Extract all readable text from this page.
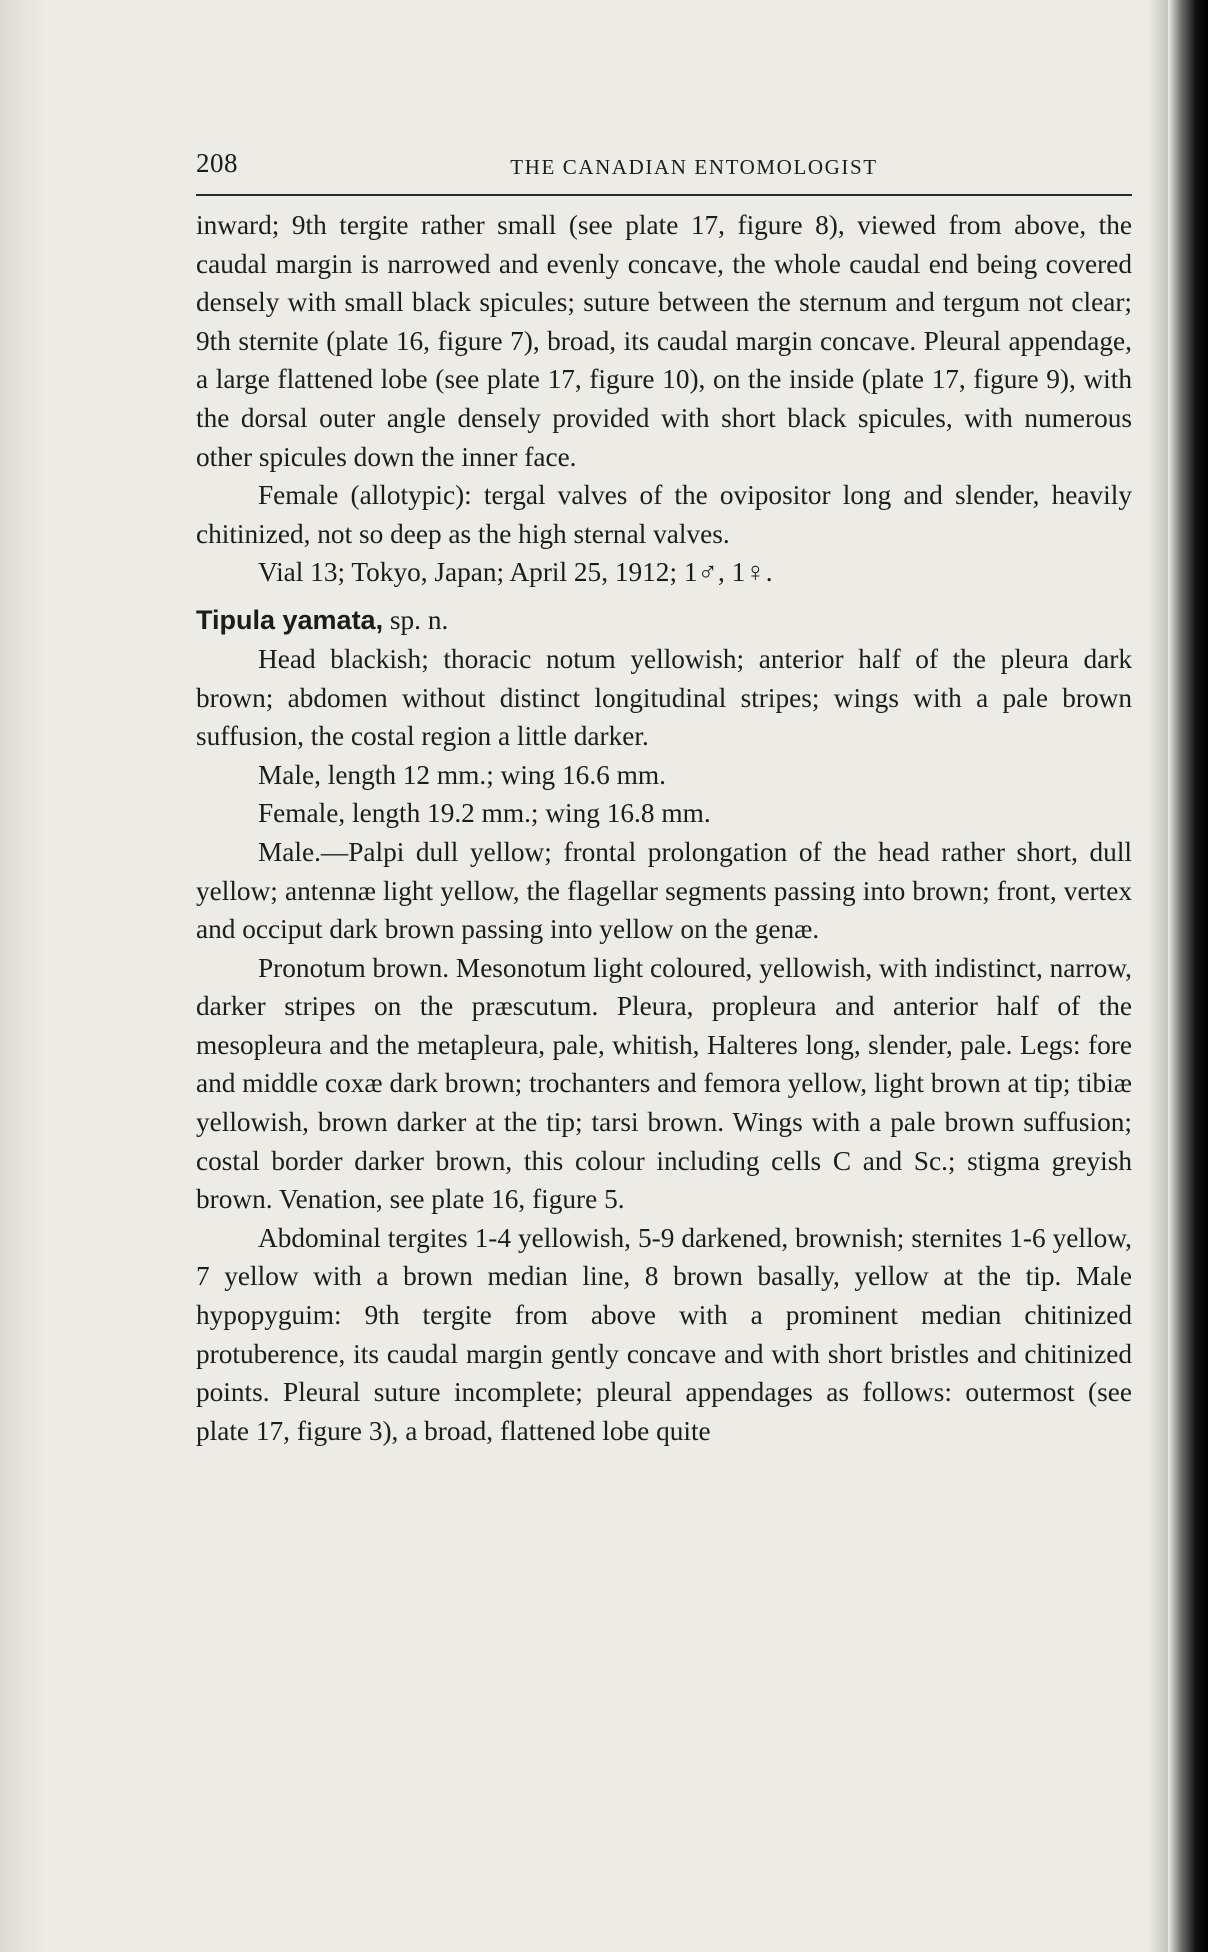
208	THE CANADIAN ENTOMOLOGIST

inward; 9th tergite rather small (see plate 17, figure 8), viewed from above, the caudal margin is narrowed and evenly concave, the whole caudal end being covered densely with small black spicules; suture between the sternum and tergum not clear; 9th sternite (plate 16, figure 7), broad, its caudal margin concave. Pleural appendage, a large flattened lobe (see plate 17, figure 10), on the inside (plate 17, figure 9), with the dorsal outer angle densely provided with short black spicules, with numerous other spicules down the inner face.

Female (allotypic): tergal valves of the ovipositor long and slender, heavily chitinized, not so deep as the high sternal valves.

Vial 13; Tokyo, Japan; April 25, 1912; 1♂, 1♀.

Tipula yamata, sp. n.

Head blackish; thoracic notum yellowish; anterior half of the pleura dark brown; abdomen without distinct longitudinal stripes; wings with a pale brown suffusion, the costal region a little darker.

Male, length 12 mm.; wing 16.6 mm.

Female, length 19.2 mm.; wing 16.8 mm.

Male.—Palpi dull yellow; frontal prolongation of the head rather short, dull yellow; antennæ light yellow, the flagellar segments passing into brown; front, vertex and occiput dark brown passing into yellow on the genæ.

Pronotum brown. Mesonotum light coloured, yellowish, with indistinct, narrow, darker stripes on the præscutum. Pleura, propleura and anterior half of the mesopleura and the metapleura, pale, whitish, Halteres long, slender, pale. Legs: fore and middle coxæ dark brown; trochanters and femora yellow, light brown at tip; tibiæ yellowish, brown darker at the tip; tarsi brown. Wings with a pale brown suffusion; costal border darker brown, this colour including cells C and Sc.; stigma greyish brown. Venation, see plate 16, figure 5.

Abdominal tergites 1-4 yellowish, 5-9 darkened, brownish; sternites 1-6 yellow, 7 yellow with a brown median line, 8 brown basally, yellow at the tip. Male hypopyguim: 9th tergite from above with a prominent median chitinized protuberence, its caudal margin gently concave and with short bristles and chitinized points. Pleural suture incomplete; pleural appendages as follows: outermost (see plate 17, figure 3), a broad, flattened lobe quite
